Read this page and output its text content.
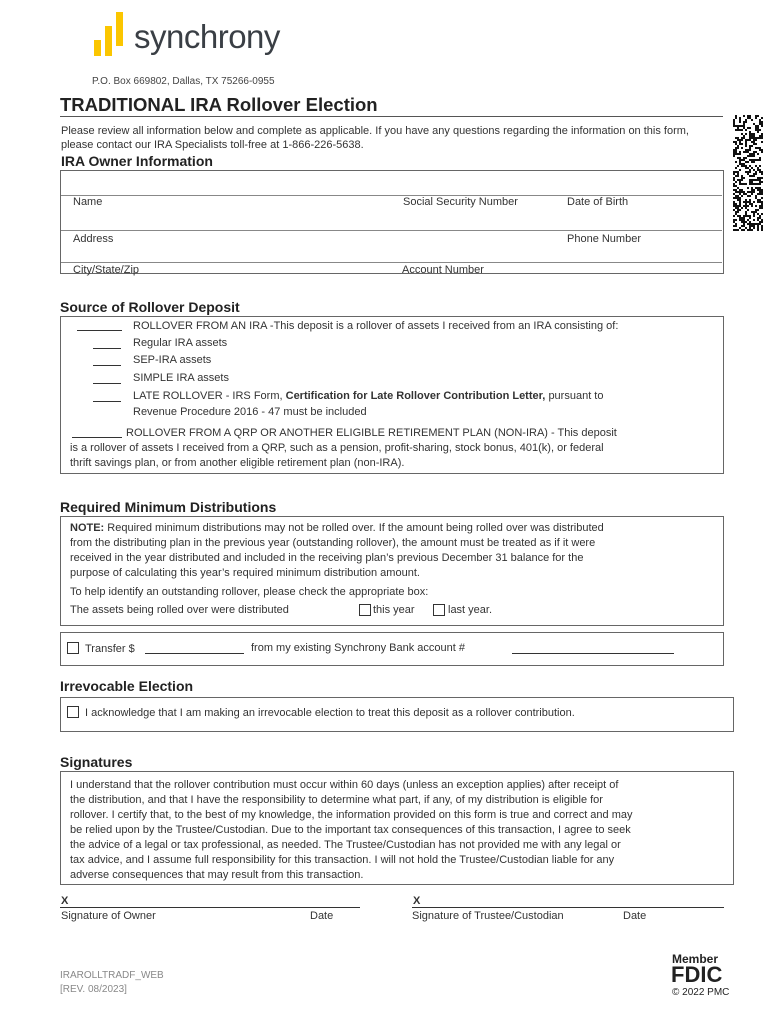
synchrony
P.O. Box 669802, Dallas, TX 75266-0955
TRADITIONAL IRA Rollover Election
Please review all information below and complete as applicable. If you have any questions regarding the information on this form, please contact our IRA Specialists toll-free at 1-866-226-5638.
IRA Owner Information
Name	Social Security Number	Date of Birth
Address	Phone Number
City/State/Zip	Account Number
Source of Rollover Deposit
ROLLOVER FROM AN IRA -This deposit is a rollover of assets I received from an IRA consisting of:
Regular IRA assets
SEP-IRA assets
SIMPLE IRA assets
LATE ROLLOVER - IRS Form, Certification for Late Rollover Contribution Letter, pursuant to
Revenue Procedure 2016 - 47 must be included
ROLLOVER FROM A QRP OR ANOTHER ELIGIBLE RETIREMENT PLAN (NON-IRA) - This deposit
is a rollover of assets I received from a QRP, such as a pension, profit-sharing, stock bonus, 401(k), or federal
thrift savings plan, or from another eligible retirement plan (non-IRA).
Required Minimum Distributions
NOTE: Required minimum distributions may not be rolled over. If the amount being rolled over was distributed
from the distributing plan in the previous year (outstanding rollover), the amount must be treated as if it were
received in the year distributed and included in the receiving plan’s previous December 31 balance for the
purpose of calculating this year’s required minimum distribution amount.
To help identify an outstanding rollover, please check the appropriate box:
The assets being rolled over were distributed	this year	last year.
Transfer $	from my existing Synchrony Bank account #
Irrevocable Election
I acknowledge that I am making an irrevocable election to treat this deposit as a rollover contribution.
Signatures
I understand that the rollover contribution must occur within 60 days (unless an exception applies) after receipt of
the distribution, and that I have the responsibility to determine what part, if any, of my distribution is eligible for
rollover. I certify that, to the best of my knowledge, the information provided on this form is true and correct and may
be relied upon by the Trustee/Custodian. Due to the important tax consequences of this transaction, I agree to seek
the advice of a legal or tax professional, as needed. The Trustee/Custodian has not provided me with any legal or
tax advice, and I assume full responsibility for this transaction. I will not hold the Trustee/Custodian liable for any
adverse consequences that may result from this transaction.
X
Signature of Owner	Date
X
Signature of Trustee/Custodian	Date
IRAROLLTRADF_WEB
[REV. 08/2023]
Member
FDIC
© 2022 PMC
